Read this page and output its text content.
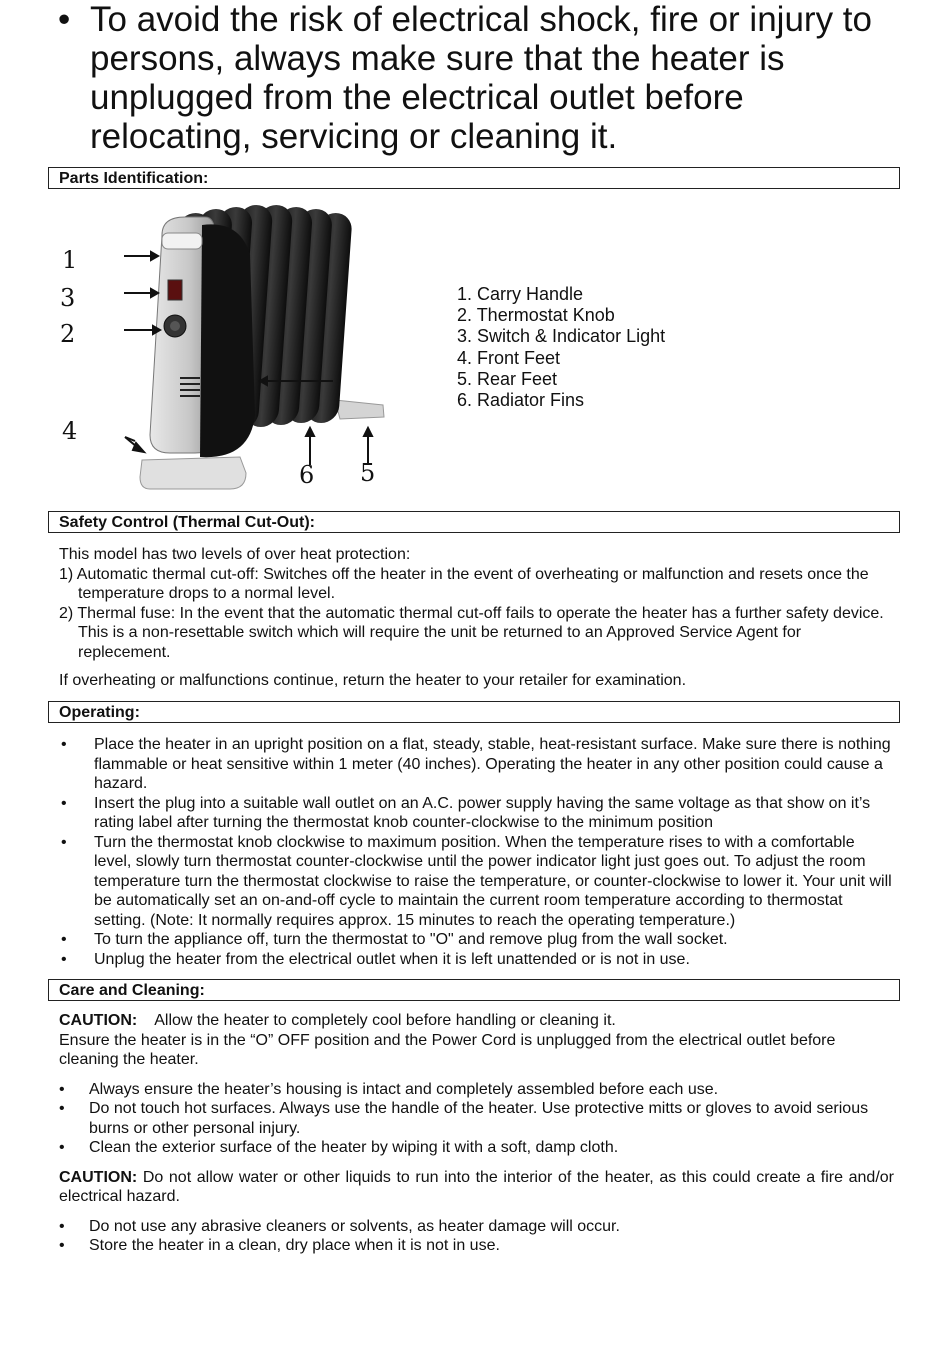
• To avoid the risk of electrical shock, fire or injury to persons, always make sure that the heater is unplugged from the electrical outlet before relocating, servicing or cleaning it.
Parts Identification:
1
3
2
4
6 5
1. Carry Handle
2. Thermostat Knob
3. Switch & Indicator Light
4. Front Feet
5. Rear Feet
6. Radiator Fins
Safety Control (Thermal Cut-Out):

This model has two levels of over heat protection:

1) Automatic thermal cut-off: Switches off the heater in the event of overheating or malfunction and resets once the temperature drops to a normal level.

2) Thermal fuse: In the event that the automatic thermal cut-off fails to operate the heater has a further safety device. This is a non-resettable switch which will require the unit be returned to an Approved Service Agent for replecement.

If overheating or malfunctions continue, return the heater to your retailer for examination.

Operating:
• Place the heater in an upright position on a flat, steady, stable, heat-resistant surface. Make sure there is nothing flammable or heat sensitive within 1 meter (40 inches). Operating the heater in any other position could cause a hazard.
• Insert the plug into a suitable wall outlet on an A.C. power supply having the same voltage as that show on it’s rating label after turning the thermostat knob counter-clockwise to the minimum position
• Turn the thermostat knob clockwise to maximum position. When the temperature rises to with a comfortable level, slowly turn thermostat counter-clockwise until the power indicator light just goes out. To adjust the room temperature turn the thermostat clockwise to raise the temperature, or counter-clockwise to lower it. Your unit will be automatically set an on-and-off cycle to maintain the current room temperature according to thermostat setting. (Note: It normally requires approx. 15 minutes to reach the operating temperature.)
• To turn the appliance off, turn the thermostat to "O" and remove plug from the wall socket.
• Unplug the heater from the electrical outlet when it is left unattended or is not in use.
Care and Cleaning:

CAUTION: Allow the heater to completely cool before handling or cleaning it.

Ensure the heater is in the “O” OFF position and the Power Cord is unplugged from the electrical outlet before cleaning the heater.

• Always ensure the heater’s housing is intact and completely assembled before each use.
• Do not touch hot surfaces. Always use the handle of the heater. Use protective mitts or gloves to avoid serious burns or other personal injury.
• Clean the exterior surface of the heater by wiping it with a soft, damp cloth.

CAUTION: Do not allow water or other liquids to run into the interior of the heater, as this could create a fire and/or electrical hazard.

• Do not use any abrasive cleaners or solvents, as heater damage will occur.
• Store the heater in a clean, dry place when it is not in use.
